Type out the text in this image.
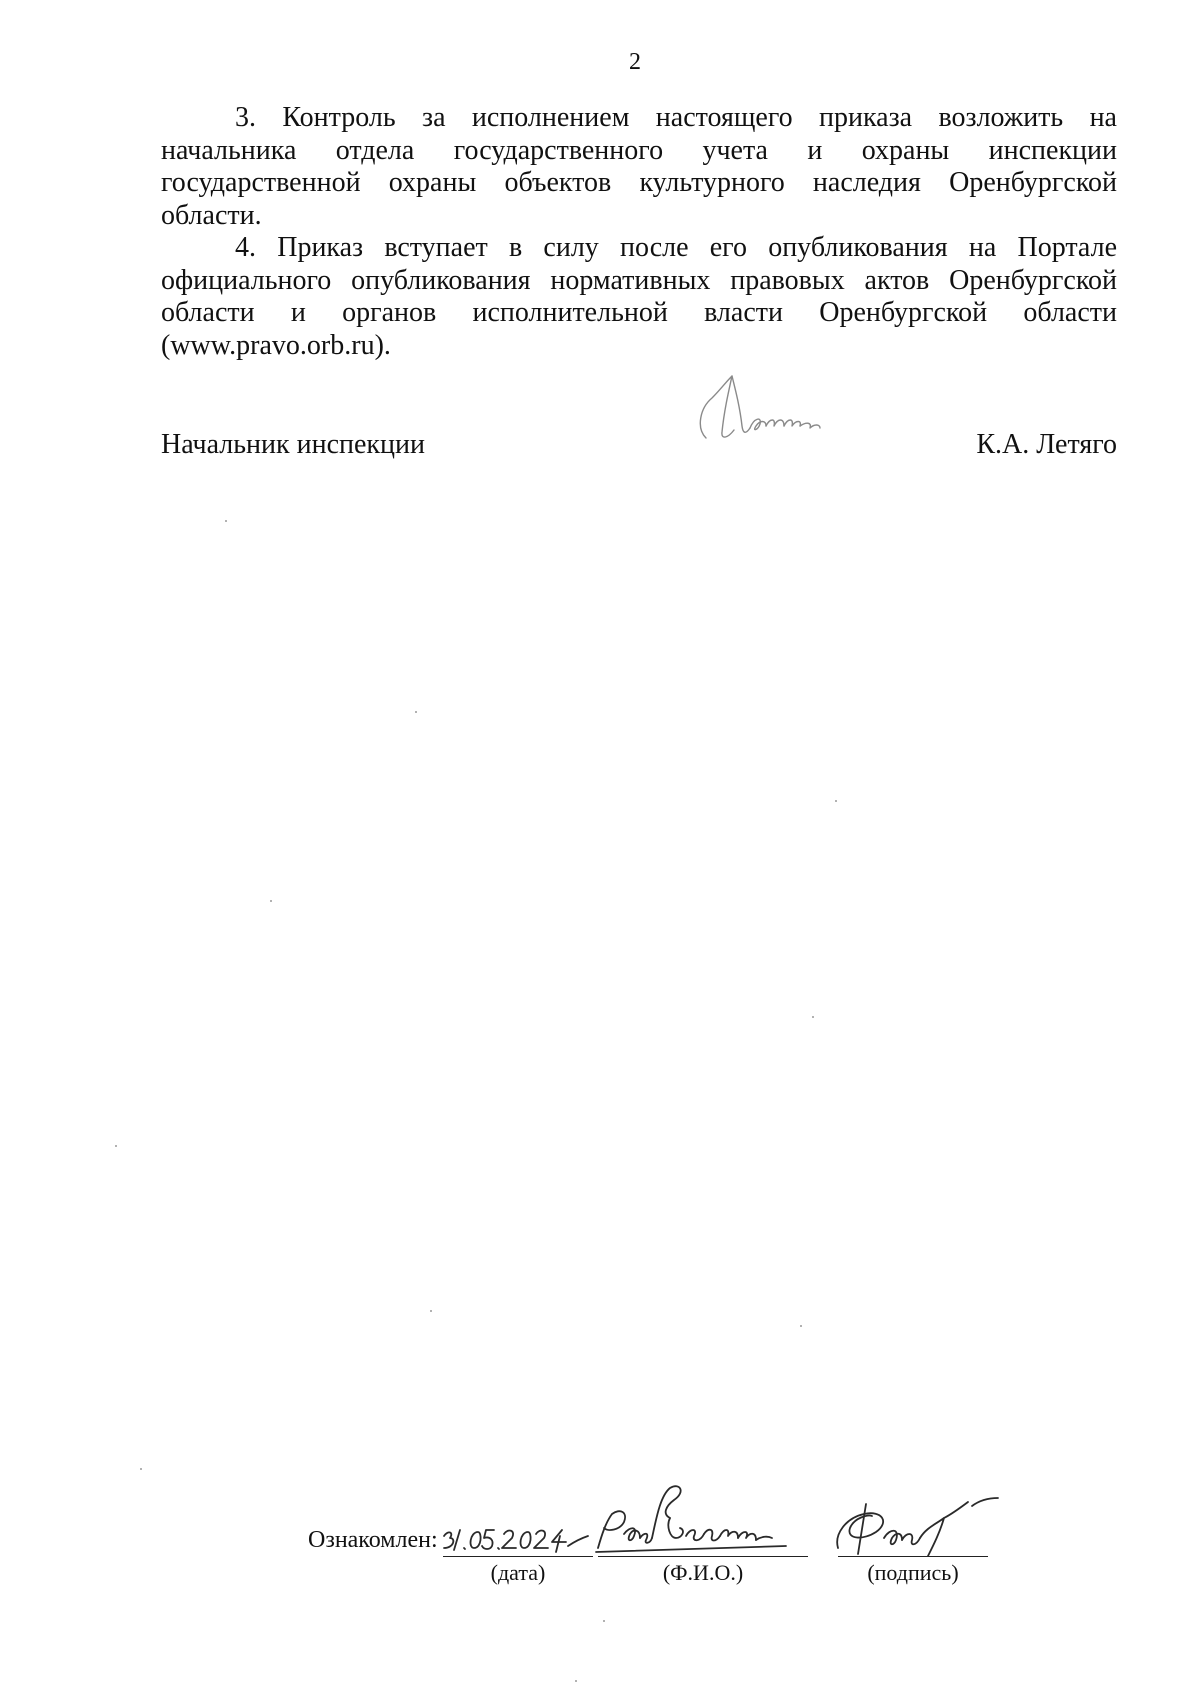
2

3. Контроль за исполнением настоящего приказа возложить на начальника отдела государственного учета и охраны инспекции государственной охраны объектов культурного наследия Оренбургской области.

4. Приказ вступает в силу после его опубликования на Портале официального опубликования нормативных правовых актов Оренбургской области и органов исполнительной власти Оренбургской области (www.pravo.orb.ru).

Начальник инспекции	К.А. Летяго
Ознакомлен:
(дата)	(Ф.И.О.)	(подпись)
